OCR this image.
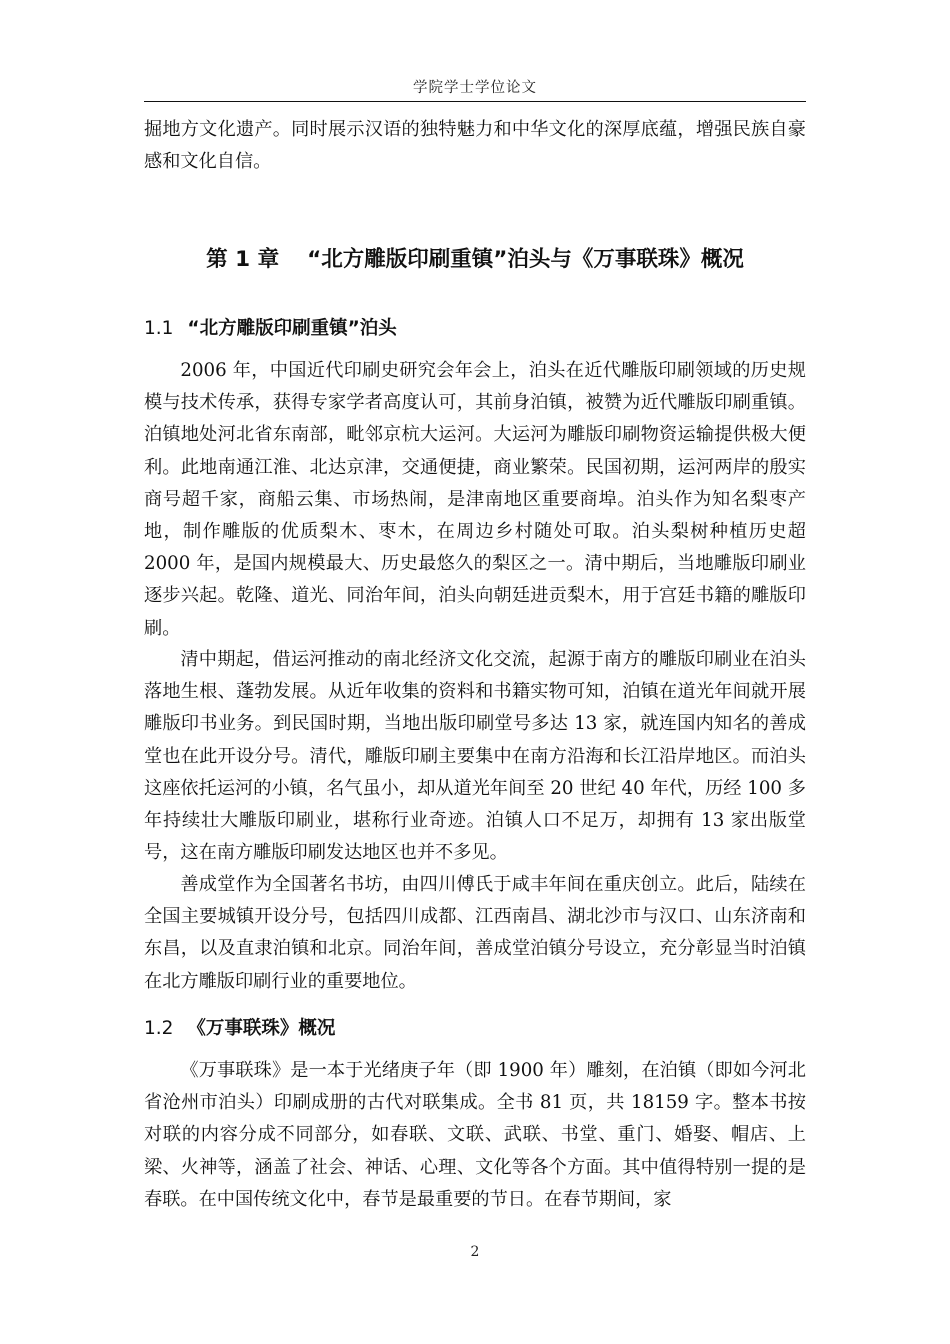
学院学士学位论文

掘地方文化遗产。同时展示汉语的独特魅力和中华文化的深厚底蕴，增强民族自豪感和文化自信。

第 1 章 “北方雕版印刷重镇”泊头与《万事联珠》概况
1.1 “北方雕版印刷重镇”泊头

2006 年，中国近代印刷史研究会年会上，泊头在近代雕版印刷领域的历史规模与技术传承，获得专家学者高度认可，其前身泊镇，被赞为近代雕版印刷重镇。泊镇地处河北省东南部，毗邻京杭大运河。大运河为雕版印刷物资运输提供极大便利。此地南通江淮、北达京津，交通便捷，商业繁荣。民国初期，运河两岸的殷实商号超千家，商船云集、市场热闹，是津南地区重要商埠。泊头作为知名梨枣产地，制作雕版的优质梨木、枣木，在周边乡村随处可取。泊头梨树种植历史超 2000 年，是国内规模最大、历史最悠久的梨区之一。清中期后，当地雕版印刷业逐步兴起。乾隆、道光、同治年间，泊头向朝廷进贡梨木，用于宫廷书籍的雕版印刷。

清中期起，借运河推动的南北经济文化交流，起源于南方的雕版印刷业在泊头落地生根、蓬勃发展。从近年收集的资料和书籍实物可知，泊镇在道光年间就开展雕版印书业务。到民国时期，当地出版印刷堂号多达 13 家，就连国内知名的善成堂也在此开设分号。清代，雕版印刷主要集中在南方沿海和长江沿岸地区。而泊头这座依托运河的小镇，名气虽小，却从道光年间至 20 世纪 40 年代，历经 100 多年持续壮大雕版印刷业，堪称行业奇迹。泊镇人口不足万，却拥有 13 家出版堂号，这在南方雕版印刷发达地区也并不多见。

善成堂作为全国著名书坊，由四川傅氏于咸丰年间在重庆创立。此后，陆续在全国主要城镇开设分号，包括四川成都、江西南昌、湖北沙市与汉口、山东济南和东昌，以及直隶泊镇和北京。同治年间，善成堂泊镇分号设立，充分彰显当时泊镇在北方雕版印刷行业的重要地位。

1.2 《万事联珠》概况

《万事联珠》是一本于光绪庚子年（即 1900 年）雕刻，在泊镇（即如今河北省沧州市泊头）印刷成册的古代对联集成。全书 81 页，共 18159 字。整本书按对联的内容分成不同部分，如春联、文联、武联、书堂、重门、婚娶、帽店、上梁、火神等，涵盖了社会、神话、心理、文化等各个方面。其中值得特别一提的是春联。在中国传统文化中，春节是最重要的节日。在春节期间，家

2
